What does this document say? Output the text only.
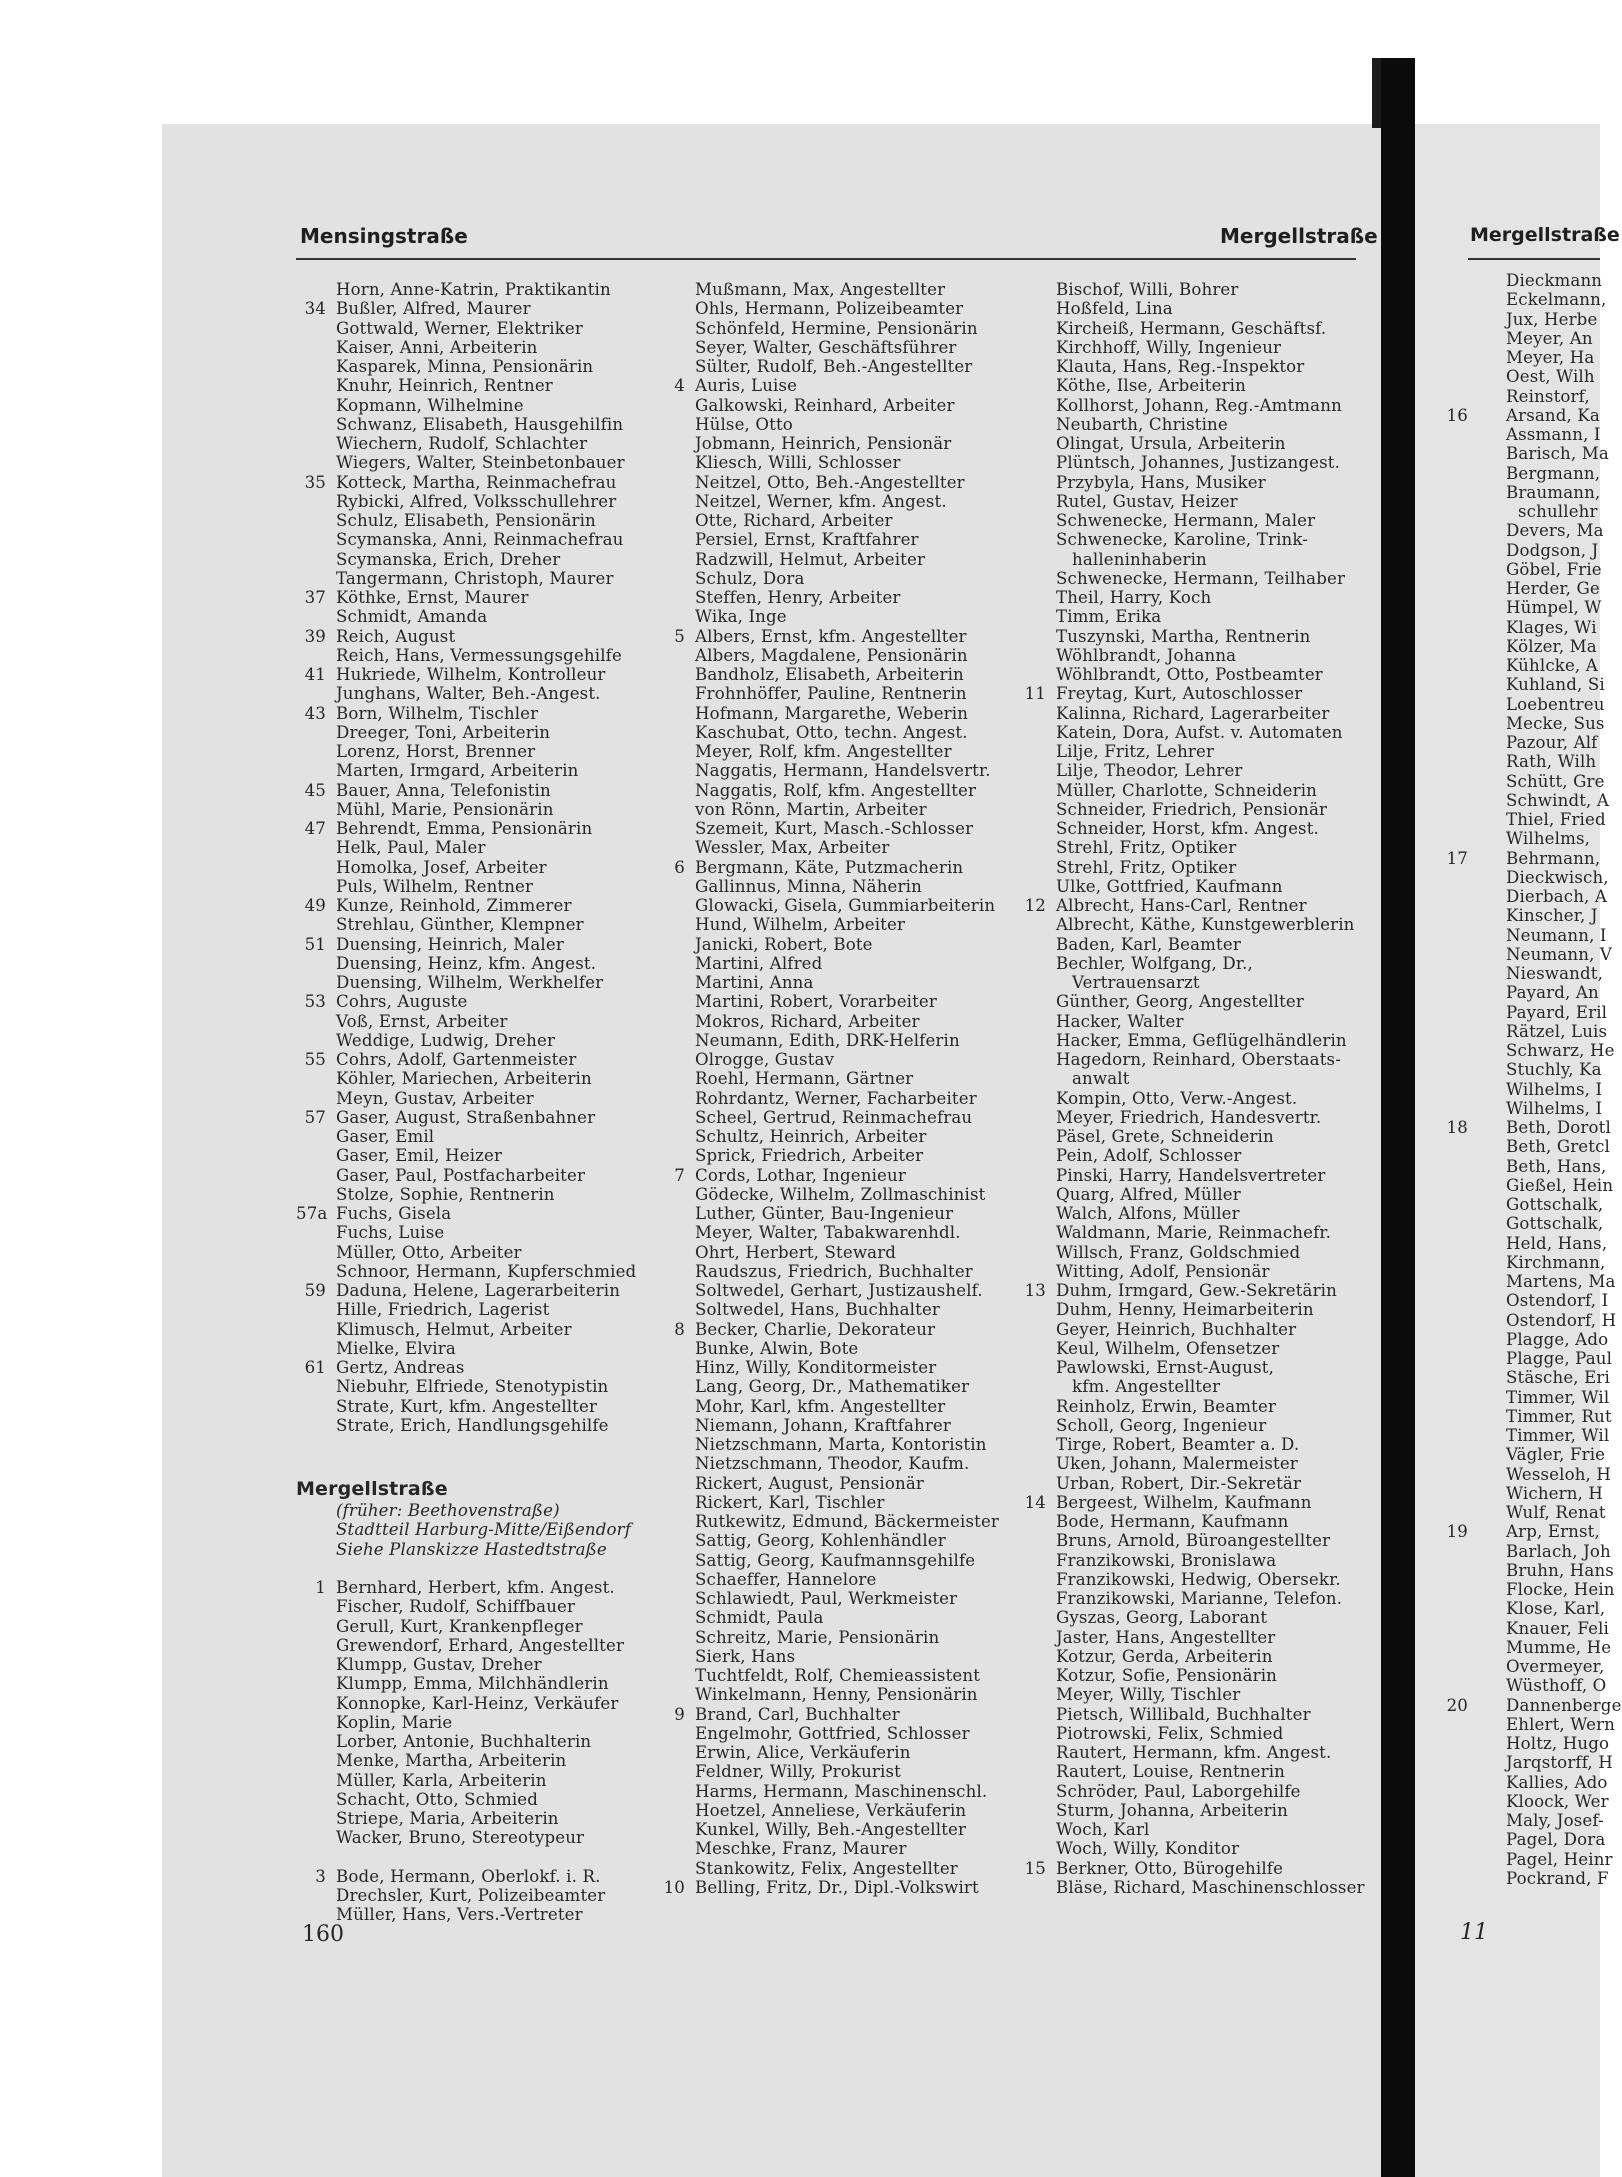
Mensingstraße	Mergellstraße	Mergellstraße
Horn, Anne-Katrin, Praktikantin
34 Bußler, Alfred, Maurer
Gottwald, Werner, Elektriker
Kaiser, Anni, Arbeiterin
Kasparek, Minna, Pensionärin
Knuhr, Heinrich, Rentner
Kopmann, Wilhelmine
Schwanz, Elisabeth, Hausgehilfin
Wiechern, Rudolf, Schlachter
Wiegers, Walter, Steinbetonbauer
35 Kotteck, Martha, Reinmachefrau
Rybicki, Alfred, Volksschullehrer
Schulz, Elisabeth, Pensionärin
Scymanska, Anni, Reinmachefrau
Scymanska, Erich, Dreher
Tangermann, Christoph, Maurer
37 Köthke, Ernst, Maurer
Schmidt, Amanda
39 Reich, August
Reich, Hans, Vermessungsgehilfe
41 Hukriede, Wilhelm, Kontrolleur
Junghans, Walter, Beh.-Angest.
43 Born, Wilhelm, Tischler
Dreeger, Toni, Arbeiterin
Lorenz, Horst, Brenner
Marten, Irmgard, Arbeiterin
45 Bauer, Anna, Telefonistin
Mühl, Marie, Pensionärin
47 Behrendt, Emma, Pensionärin
Helk, Paul, Maler
Homolka, Josef, Arbeiter
Puls, Wilhelm, Rentner
49 Kunze, Reinhold, Zimmerer
Strehlau, Günther, Klempner
51 Duensing, Heinrich, Maler
Duensing, Heinz, kfm. Angest.
Duensing, Wilhelm, Werkhelfer
53 Cohrs, Auguste
Voß, Ernst, Arbeiter
Weddige, Ludwig, Dreher
55 Cohrs, Adolf, Gartenmeister
Köhler, Mariechen, Arbeiterin
Meyn, Gustav, Arbeiter
57 Gaser, August, Straßenbahner
Gaser, Emil
Gaser, Emil, Heizer
Gaser, Paul, Postfacharbeiter
Stolze, Sophie, Rentnerin
57a Fuchs, Gisela
Fuchs, Luise
Müller, Otto, Arbeiter
Schnoor, Hermann, Kupferschmied
59 Daduna, Helene, Lagerarbeiterin
Hille, Friedrich, Lagerist
Klimusch, Helmut, Arbeiter
Mielke, Elvira
61 Gertz, Andreas
Niebuhr, Elfriede, Stenotypistin
Strate, Kurt, kfm. Angestellter
Strate, Erich, Handlungsgehilfe
Mergellstraße
(früher: Beethovenstraße)
Stadtteil Harburg-Mitte/Eißendorf
Siehe Planskizze Hastedtstraße
1 Bernhard, Herbert, kfm. Angest.
Fischer, Rudolf, Schiffbauer
Gerull, Kurt, Krankenpfleger
Grewendorf, Erhard, Angestellter
Klumpp, Gustav, Dreher
Klumpp, Emma, Milchhändlerin
Konnopke, Karl-Heinz, Verkäufer
Koplin, Marie
Lorber, Antonie, Buchhalterin
Menke, Martha, Arbeiterin
Müller, Karla, Arbeiterin
Schacht, Otto, Schmied
Striepe, Maria, Arbeiterin
Wacker, Bruno, Stereotypeur
3 Bode, Hermann, Oberlokf. i. R.
Drechsler, Kurt, Polizeibeamter
Müller, Hans, Vers.-Vertreter
Mußmann, Max, Angestellter
Ohls, Hermann, Polizeibeamter
Schönfeld, Hermine, Pensionärin
Seyer, Walter, Geschäftsführer
Sülter, Rudolf, Beh.-Angestellter
4 Auris, Luise
Galkowski, Reinhard, Arbeiter
Hülse, Otto
Jobmann, Heinrich, Pensionär
Kliesch, Willi, Schlosser
Neitzel, Otto, Beh.-Angestellter
Neitzel, Werner, kfm. Angest.
Otte, Richard, Arbeiter
Persiel, Ernst, Kraftfahrer
Radzwill, Helmut, Arbeiter
Schulz, Dora
Steffen, Henry, Arbeiter
Wika, Inge
5 Albers, Ernst, kfm. Angestellter
Albers, Magdalene, Pensionärin
Bandholz, Elisabeth, Arbeiterin
Frohnhöffer, Pauline, Rentnerin
Hofmann, Margarethe, Weberin
Kaschubat, Otto, techn. Angest.
Meyer, Rolf, kfm. Angestellter
Naggatis, Hermann, Handelsvertr.
Naggatis, Rolf, kfm. Angestellter
von Rönn, Martin, Arbeiter
Szemeit, Kurt, Masch.-Schlosser
Wessler, Max, Arbeiter
6 Bergmann, Käte, Putzmacherin
Gallinnus, Minna, Näherin
Glowacki, Gisela, Gummiarbeiterin
Hund, Wilhelm, Arbeiter
Janicki, Robert, Bote
Martini, Alfred
Martini, Anna
Martini, Robert, Vorarbeiter
Mokros, Richard, Arbeiter
Neumann, Edith, DRK-Helferin
Olrogge, Gustav
Roehl, Hermann, Gärtner
Rohrdantz, Werner, Facharbeiter
Scheel, Gertrud, Reinmachefrau
Schultz, Heinrich, Arbeiter
Sprick, Friedrich, Arbeiter
7 Cords, Lothar, Ingenieur
Gödecke, Wilhelm, Zollmaschinist
Luther, Günter, Bau-Ingenieur
Meyer, Walter, Tabakwarenhdl.
Ohrt, Herbert, Steward
Raudszus, Friedrich, Buchhalter
Soltwedel, Gerhart, Justizaushelf.
Soltwedel, Hans, Buchhalter
8 Becker, Charlie, Dekorateur
Bunke, Alwin, Bote
Hinz, Willy, Konditormeister
Lang, Georg, Dr., Mathematiker
Mohr, Karl, kfm. Angestellter
Niemann, Johann, Kraftfahrer
Nietzschmann, Marta, Kontoristin
Nietzschmann, Theodor, Kaufm.
Rickert, August, Pensionär
Rickert, Karl, Tischler
Rutkewitz, Edmund, Bäckermeister
Sattig, Georg, Kohlenhändler
Sattig, Georg, Kaufmannsgehilfe
Schaeffer, Hannelore
Schlawiedt, Paul, Werkmeister
Schmidt, Paula
Schreitz, Marie, Pensionärin
Sierk, Hans
Tuchtfeldt, Rolf, Chemieassistent
Winkelmann, Henny, Pensionärin
9 Brand, Carl, Buchhalter
Engelmohr, Gottfried, Schlosser
Erwin, Alice, Verkäuferin
Feldner, Willy, Prokurist
Harms, Hermann, Maschinenschl.
Hoetzel, Anneliese, Verkäuferin
Kunkel, Willy, Beh.-Angestellter
Meschke, Franz, Maurer
Stankowitz, Felix, Angestellter
10 Belling, Fritz, Dr., Dipl.-Volkswirt
Bischof, Willi, Bohrer
Hoßfeld, Lina
Kircheiß, Hermann, Geschäftsf.
Kirchhoff, Willy, Ingenieur
Klauta, Hans, Reg.-Inspektor
Köthe, Ilse, Arbeiterin
Kollhorst, Johann, Reg.-Amtmann
Neubarth, Christine
Olingat, Ursula, Arbeiterin
Plüntsch, Johannes, Justizangest.
Przybyla, Hans, Musiker
Rutel, Gustav, Heizer
Schwenecke, Hermann, Maler
Schwenecke, Karoline, Trink-
halleninhaberin
Schwenecke, Hermann, Teilhaber
Theil, Harry, Koch
Timm, Erika
Tuszynski, Martha, Rentnerin
Wöhlbrandt, Johanna
Wöhlbrandt, Otto, Postbeamter
11 Freytag, Kurt, Autoschlosser
Kalinna, Richard, Lagerarbeiter
Katein, Dora, Aufst. v. Automaten
Lilje, Fritz, Lehrer
Lilje, Theodor, Lehrer
Müller, Charlotte, Schneiderin
Schneider, Friedrich, Pensionär
Schneider, Horst, kfm. Angest.
Strehl, Fritz, Optiker
Strehl, Fritz, Optiker
Ulke, Gottfried, Kaufmann
12 Albrecht, Hans-Carl, Rentner
Albrecht, Käthe, Kunstgewerblerin
Baden, Karl, Beamter
Bechler, Wolfgang, Dr.,
Vertrauensarzt
Günther, Georg, Angestellter
Hacker, Walter
Hacker, Emma, Geflügelhändlerin
Hagedorn, Reinhard, Oberstaats-
anwalt
Kompin, Otto, Verw.-Angest.
Meyer, Friedrich, Handesvertr.
Päsel, Grete, Schneiderin
Pein, Adolf, Schlosser
Pinski, Harry, Handelsvertreter
Quarg, Alfred, Müller
Walch, Alfons, Müller
Waldmann, Marie, Reinmachefr.
Willsch, Franz, Goldschmied
Witting, Adolf, Pensionär
13 Duhm, Irmgard, Gew.-Sekretärin
Duhm, Henny, Heimarbeiterin
Geyer, Heinrich, Buchhalter
Keul, Wilhelm, Ofensetzer
Pawlowski, Ernst-August,
kfm. Angestellter
Reinholz, Erwin, Beamter
Scholl, Georg, Ingenieur
Tirge, Robert, Beamter a. D.
Uken, Johann, Malermeister
Urban, Robert, Dir.-Sekretär
14 Bergeest, Wilhelm, Kaufmann
Bode, Hermann, Kaufmann
Bruns, Arnold, Büroangestellter
Franzikowski, Bronislawa
Franzikowski, Hedwig, Obersekr.
Franzikowski, Marianne, Telefon.
Gyszas, Georg, Laborant
Jaster, Hans, Angestellter
Kotzur, Gerda, Arbeiterin
Kotzur, Sofie, Pensionärin
Meyer, Willy, Tischler
Pietsch, Willibald, Buchhalter
Piotrowski, Felix, Schmied
Rautert, Hermann, kfm. Angest.
Rautert, Louise, Rentnerin
Schröder, Paul, Laborgehilfe
Sturm, Johanna, Arbeiterin
Woch, Karl
Woch, Willy, Konditor
15 Berkner, Otto, Bürogehilfe
Bläse, Richard, Maschinenschlosser
Dieckmann
Eckelmann,
Jux, Herbe
Meyer, An
Meyer, Ha
Oest, Wilh
Reinstorf,
16 Arsand, Ka
Assmann, I
Barisch, Ma
Bergmann,
Braumann,
schullehr
Devers, Ma
Dodgson, J
Göbel, Frie
Herder, Ge
Hümpel, W
Klages, Wi
Kölzer, Ma
Kühlcke, A
Kuhland, Si
Loebentreu
Mecke, Sus
Pazour, Alf
Rath, Wilh
Schütt, Gre
Schwindt, A
Thiel, Fried
Wilhelms,
17 Behrmann,
Dieckwisch,
Dierbach, A
Kinscher, J
Neumann, I
Neumann, V
Nieswandt,
Payard, An
Payard, Eril
Rätzel, Luis
Schwarz, He
Stuchly, Ka
Wilhelms, I
Wilhelms, I
18 Beth, Dorotl
Beth, Gretcl
Beth, Hans,
Gießel, Hein
Gottschalk,
Gottschalk,
Held, Hans,
Kirchmann,
Martens, Ma
Ostendorf, I
Ostendorf, H
Plagge, Ado
Plagge, Paul
Stäsche, Eri
Timmer, Wil
Timmer, Rut
Timmer, Wil
Vägler, Frie
Wesseloh, H
Wichern, H
Wulf, Renat
19 Arp, Ernst,
Barlach, Joh
Bruhn, Hans
Flocke, Hein
Klose, Karl,
Knauer, Feli
Mumme, He
Overmeyer,
Wüsthoff, O
20 Dannenberge
Ehlert, Wern
Holtz, Hugo
Jarqstorff, H
Kallies, Ado
Kloock, Wer
Maly, Josef-
Pagel, Dora
Pagel, Heinr
Pockrand, F
160	11
